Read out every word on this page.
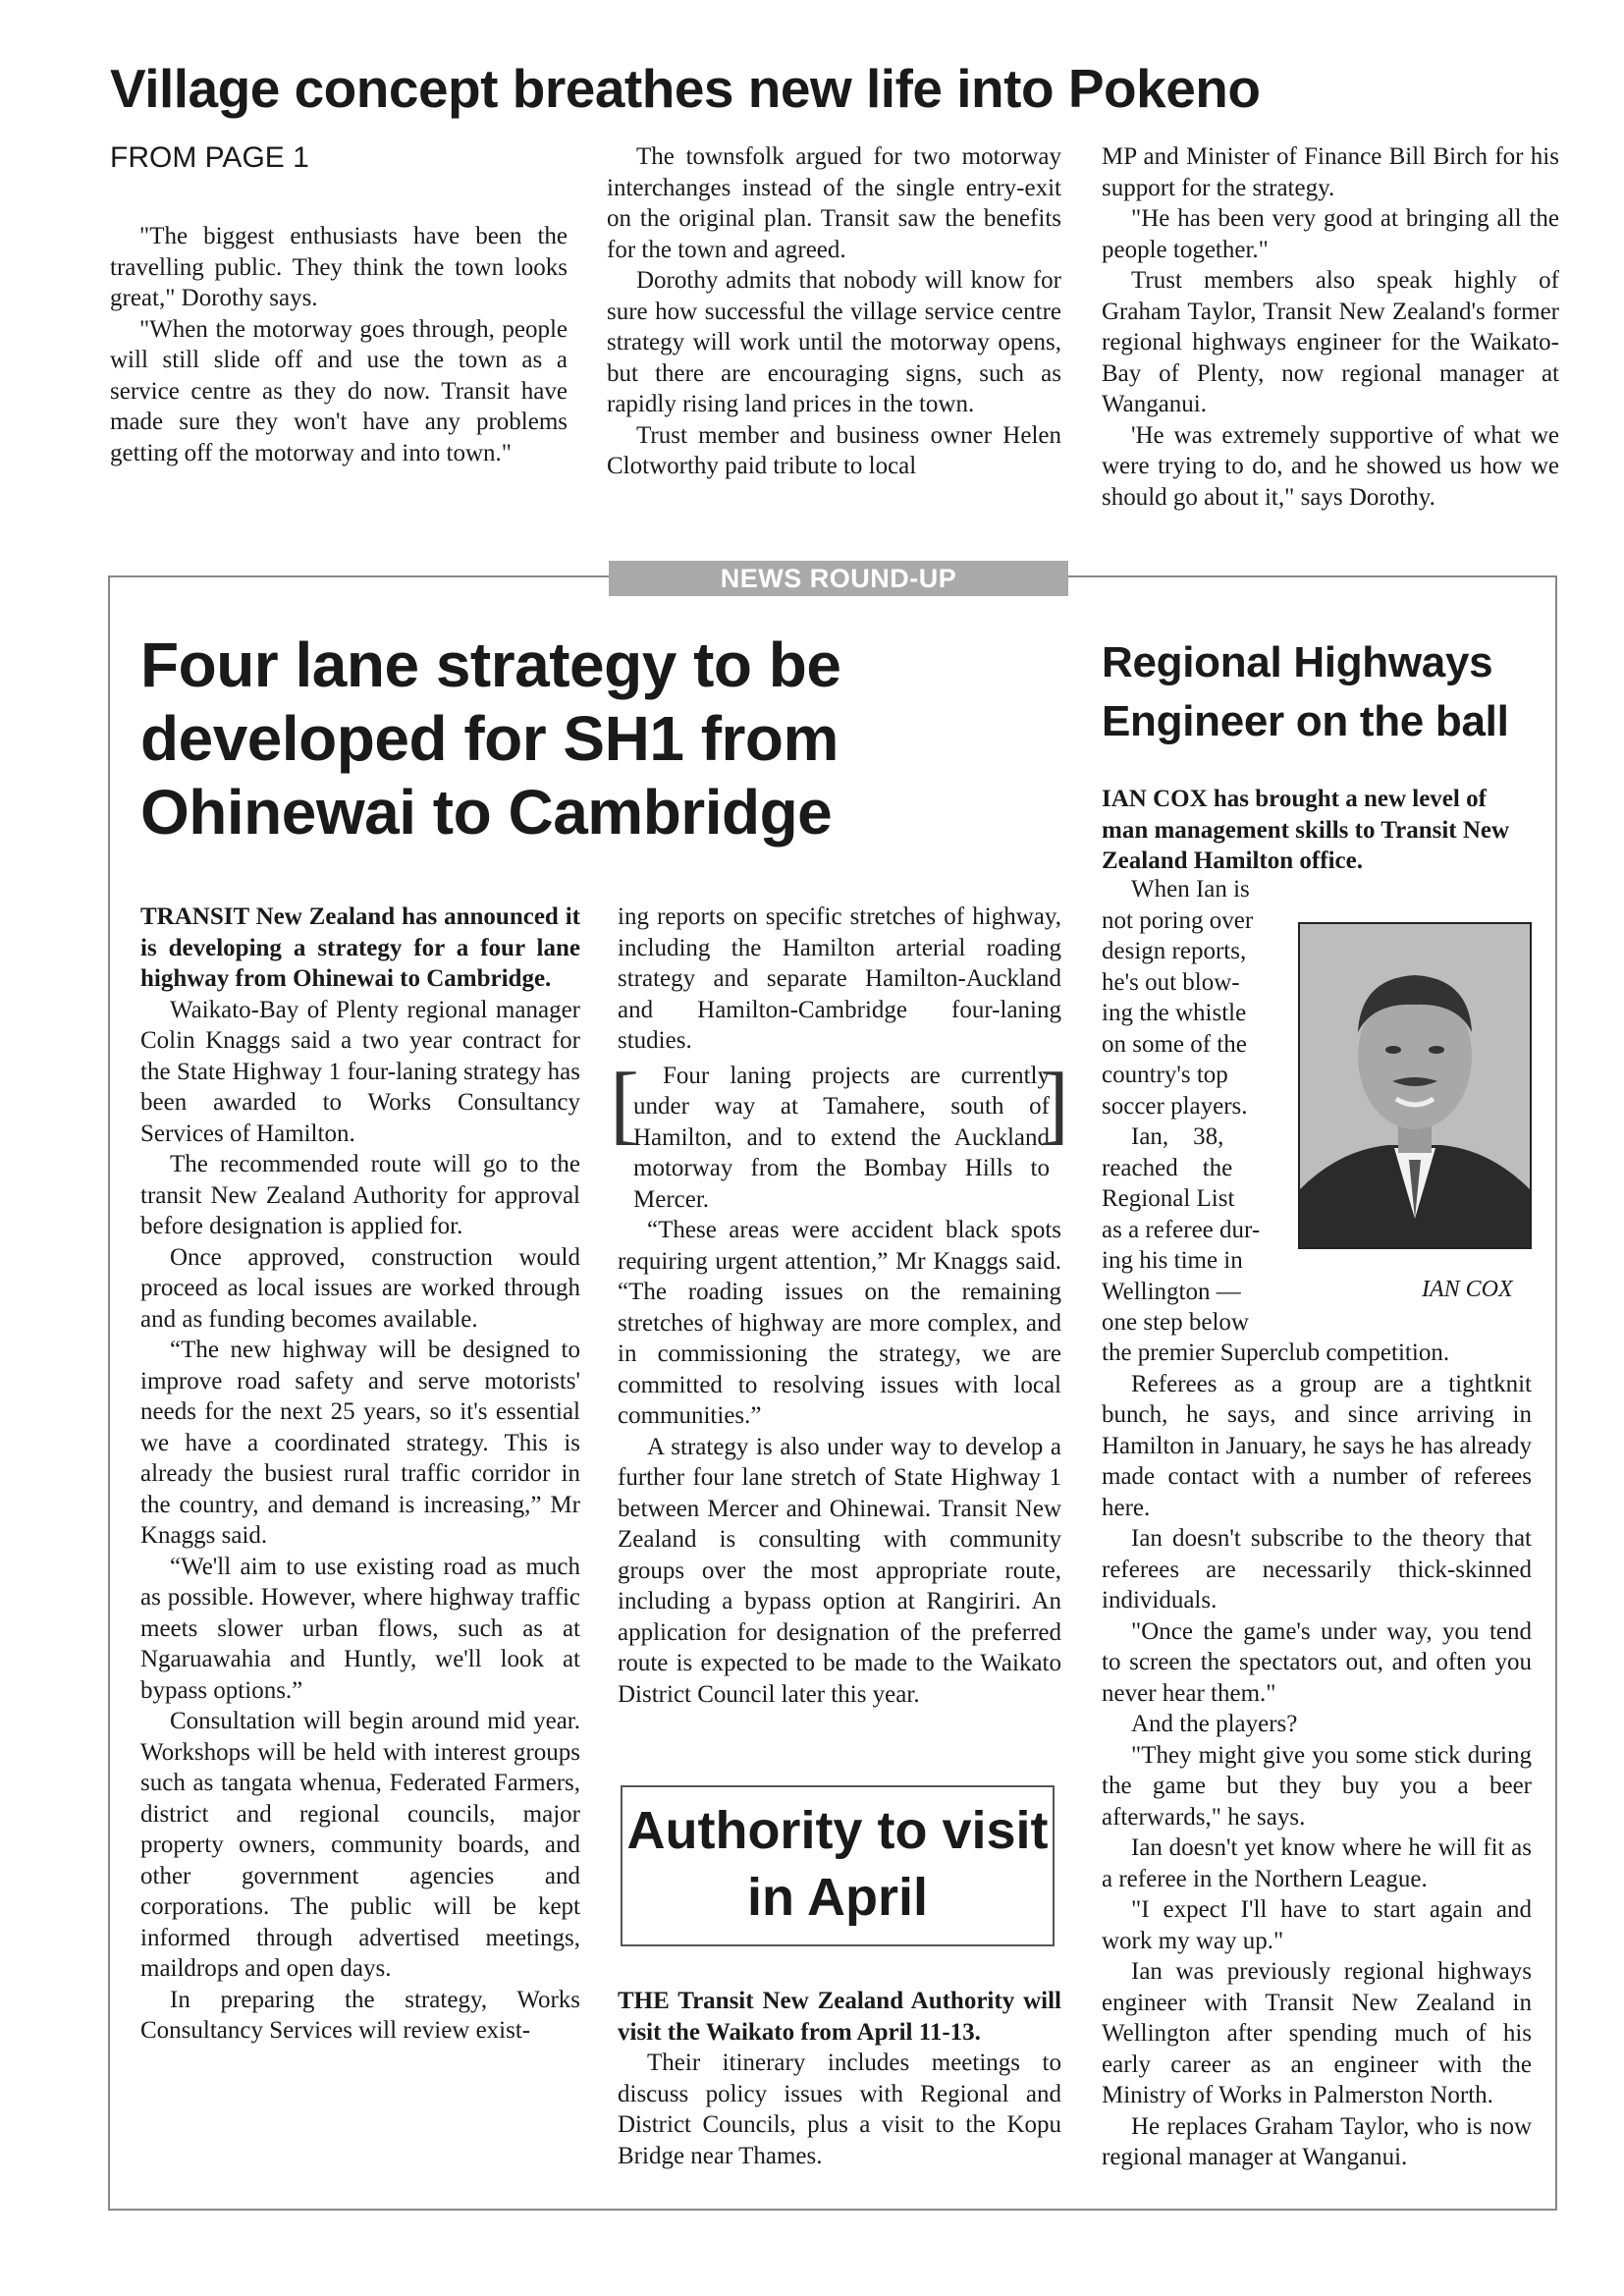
Village concept breathes new life into Pokeno
FROM PAGE 1

"The biggest enthusiasts have been the travelling public. They think the town looks great," Dorothy says.

"When the motorway goes through, people will still slide off and use the town as a service centre as they do now. Transit have made sure they won't have any problems getting off the motorway and into town."

The townsfolk argued for two motorway interchanges instead of the single entry-exit on the original plan. Transit saw the benefits for the town and agreed.

Dorothy admits that nobody will know for sure how successful the village service centre strategy will work until the motorway opens, but there are encouraging signs, such as rapidly rising land prices in the town.

Trust member and business owner Helen Clotworthy paid tribute to local

MP and Minister of Finance Bill Birch for his support for the strategy.

"He has been very good at bringing all the people together."

Trust members also speak highly of Graham Taylor, Transit New Zealand's former regional highways engineer for the Waikato-Bay of Plenty, now regional manager at Wanganui.

'He was extremely supportive of what we were trying to do, and he showed us how we should go about it," says Dorothy.

NEWS ROUND-UP
Four lane strategy to be developed for SH1 from Ohinewai to Cambridge

TRANSIT New Zealand has announced it is developing a strategy for a four lane highway from Ohinewai to Cambridge.

Waikato-Bay of Plenty regional manager Colin Knaggs said a two year contract for the State Highway 1 four-laning strategy has been awarded to Works Consultancy Services of Hamilton.

The recommended route will go to the transit New Zealand Authority for approval before designation is applied for.

Once approved, construction would proceed as local issues are worked through and as funding becomes available.

“The new highway will be designed to improve road safety and serve motorists' needs for the next 25 years, so it's essential we have a coordinated strategy. This is already the busiest rural traffic corridor in the country, and demand is increasing,” Mr Knaggs said.

“We'll aim to use existing road as much as possible. However, where highway traffic meets slower urban flows, such as at Ngaruawahia and Huntly, we'll look at bypass options.”

Consultation will begin around mid year. Workshops will be held with interest groups such as tangata whenua, Federated Farmers, district and regional councils, major property owners, community boards, and other government agencies and corporations. The public will be kept informed through advertised meetings, maildrops and open days.

In preparing the strategy, Works Consultancy Services will review exist-

ing reports on specific stretches of highway, including the Hamilton arterial roading strategy and separate Hamilton-Auckland and Hamilton-Cambridge four-laning studies.

[	]

Four laning projects are currently under way at Tamahere, south of Hamilton, and to extend the Auckland motorway from the Bombay Hills to Mercer.

“These areas were accident black spots requiring urgent attention,” Mr Knaggs said. “The roading issues on the remaining stretches of highway are more complex, and in commissioning the strategy, we are committed to resolving issues with local communities.”

A strategy is also under way to develop a further four lane stretch of State Highway 1 between Mercer and Ohinewai. Transit New Zealand is consulting with community groups over the most appropriate route, including a bypass option at Rangiriri. An application for designation of the preferred route is expected to be made to the Waikato District Council later this year.

Authority to visit in April

THE Transit New Zealand Authority will visit the Waikato from April 11-13.

Their itinerary includes meetings to discuss policy issues with Regional and District Councils, plus a visit to the Kopu Bridge near Thames.

Regional Highways Engineer on the ball

IAN COX has brought a new level of man management skills to Transit New Zealand Hamilton office.

When Ian is

not poring over

design reports,

he's out blow-

ing the whistle

on some of the

country's top

soccer players.

Ian,    38,

reached    the

Regional List

as a referee dur-

ing his time in

Wellington —

one step below

IAN COX

the premier Superclub competition.

Referees as a group are a tightknit bunch, he says, and since arriving in Hamilton in January, he says he has already made contact with a number of referees here.

Ian doesn't subscribe to the theory that referees are necessarily thick-skinned individuals.

"Once the game's under way, you tend to screen the spectators out, and often you never hear them."

And the players?

"They might give you some stick during the game but they buy you a beer afterwards," he says.

Ian doesn't yet know where he will fit as a referee in the Northern League.

"I expect I'll have to start again and work my way up."

Ian was previously regional highways engineer with Transit New Zealand in Wellington after spending much of his early career as an engineer with the Ministry of Works in Palmerston North.

He replaces Graham Taylor, who is now regional manager at Wanganui.
